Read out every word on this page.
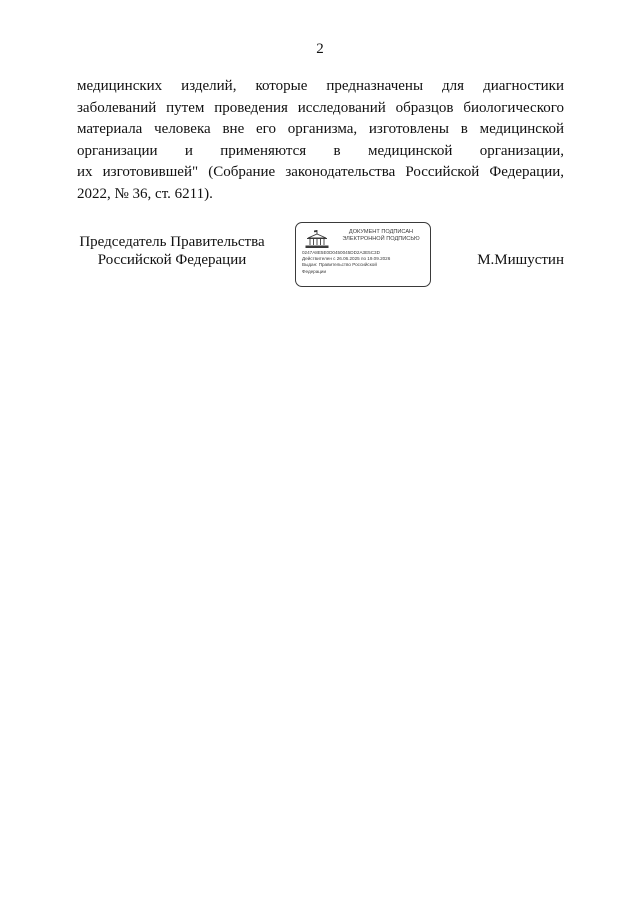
2
медицинских изделий, которые предназначены для диагностики
заболеваний путем проведения исследований образцов биологического
материала человека вне его организма, изготовлены в медицинской
организации и применяются в медицинской организации,
их изготовившей" (Собрание законодательства Российской Федерации,
2022, № 36, ст. 6211).
Председатель Правительства
Российской Федерации
ДОКУМЕНТ ПОДПИСАН
ЭЛЕКТРОННОЙ ПОДПИСЬЮ
0247A8E5E0D0450045DD2A3E5C3D
Действителен с 26.06.2025 по 19.09.2026
Выдан: Правительство Российской
Федерации
М.Мишустин
